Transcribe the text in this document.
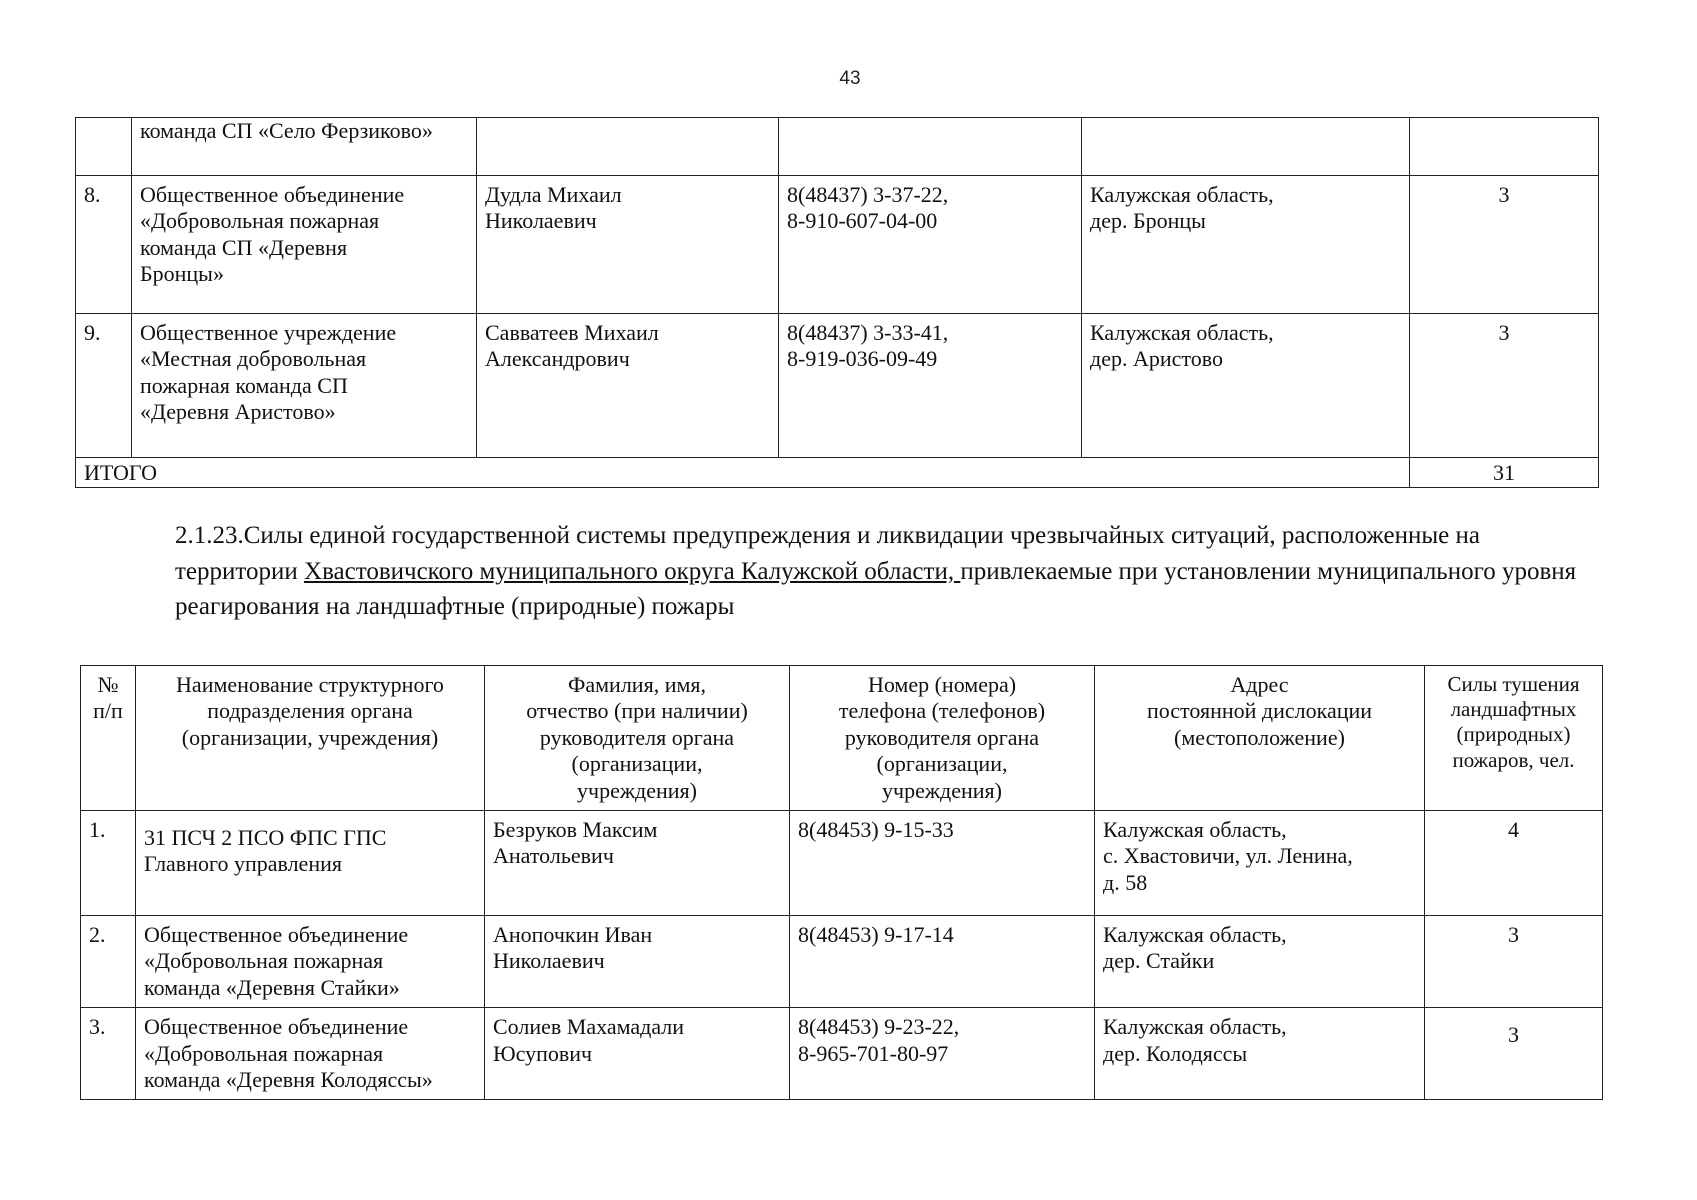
43
	команда СП «Село Ферзиково»				
8.	Общественное объединение
«Добровольная пожарная
команда СП «Деревня
Бронцы»	Дудла Михаил
Николаевич	8(48437) 3-37-22,
8-910-607-04-00	Калужская область,
дер. Бронцы	3
9.	Общественное учреждение
«Местная добровольная
пожарная команда СП
«Деревня Аристово»	Савватеев Михаил
Александрович	8(48437) 3-33-41,
8-919-036-09-49	Калужская область,
дер. Аристово	3
ИТОГО					31

2.1.23.Силы единой государственной системы предупреждения и ликвидации чрезвычайных ситуаций, расположенные на территории Хвастовичского муниципального округа Калужской области, привлекаемые при установлении муниципального уровня реагирования на ландшафтные (природные) пожары

№
п/п	Наименование структурного
подразделения органа
(организации, учреждения)	Фамилия, имя,
отчество (при наличии)
руководителя органа
(организации,
учреждения)	Номер (номера)
телефона (телефонов)
руководителя органа
(организации,
учреждения)	Адрес
постоянной дислокации
(местоположение)	Силы тушения
ландшафтных
(природных)
пожаров, чел.
1.	31 ПСЧ 2 ПСО ФПС ГПС
Главного управления	Безруков Максим
Анатольевич	8(48453) 9-15-33	Калужская область,
с. Хвастовичи, ул. Ленина,
д. 58	4
2.	Общественное объединение
«Добровольная пожарная
команда «Деревня Стайки»	Анопочкин Иван
Николаевич	8(48453) 9-17-14	Калужская область,
дер. Стайки	3
3.	Общественное объединение
«Добровольная пожарная
команда «Деревня Колодяссы»	Солиев Махамадали
Юсупович	8(48453) 9-23-22,
8-965-701-80-97	Калужская область,
дер. Колодяссы	3
